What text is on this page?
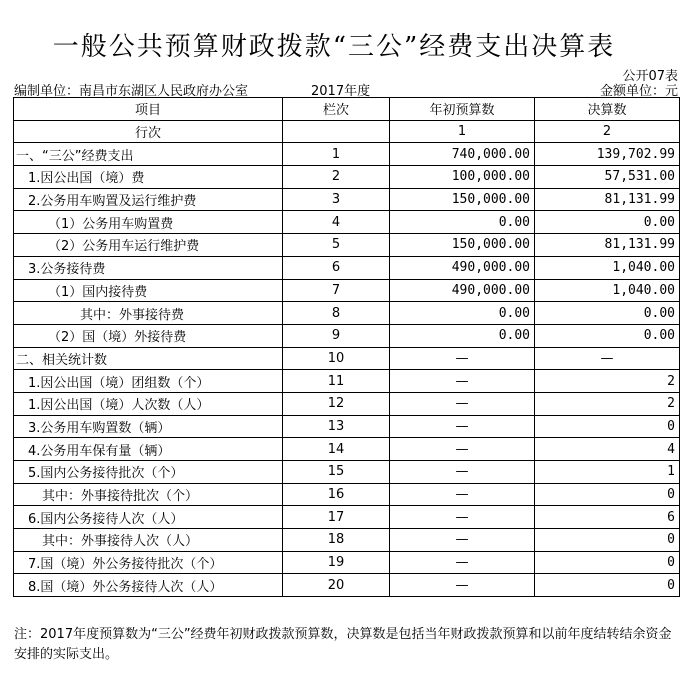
一般公共预算财政拨款“三公”经费支出决算表
公开07表
编制单位：南昌市东湖区人民政府办公室	2017年度	金额单位：元
项目	栏次	年初预算数	决算数
行次		1	2
一、“三公”经费支出	1	740,000.00	139,702.99
1.因公出国（境）费	2	100,000.00	57,531.00
2.公务用车购置及运行维护费	3	150,000.00	81,131.99
（1）公务用车购置费	4	0.00	0.00
（2）公务用车运行维护费	5	150,000.00	81,131.99
3.公务接待费	6	490,000.00	1,040.00
（1）国内接待费	7	490,000.00	1,040.00
其中：外事接待费	8	0.00	0.00
（2）国（境）外接待费	9	0.00	0.00
二、相关统计数	10	—	—
1.因公出国（境）团组数（个）	11	—	2
1.因公出国（境）人次数（人）	12	—	2
3.公务用车购置数（辆）	13	—	0
4.公务用车保有量（辆）	14	—	4
5.国内公务接待批次（个）	15	—	1
其中：外事接待批次（个）	16	—	0
6.国内公务接待人次（人）	17	—	6
其中：外事接待人次（人）	18	—	0
7.国（境）外公务接待批次（个）	19	—	0
8.国（境）外公务接待人次（人）	20	—	0
注：2017年度预算数为“三公”经费年初财政拨款预算数，决算数是包括当年财政拨款预算和以前年度结转结余资金安排的实际支出。
